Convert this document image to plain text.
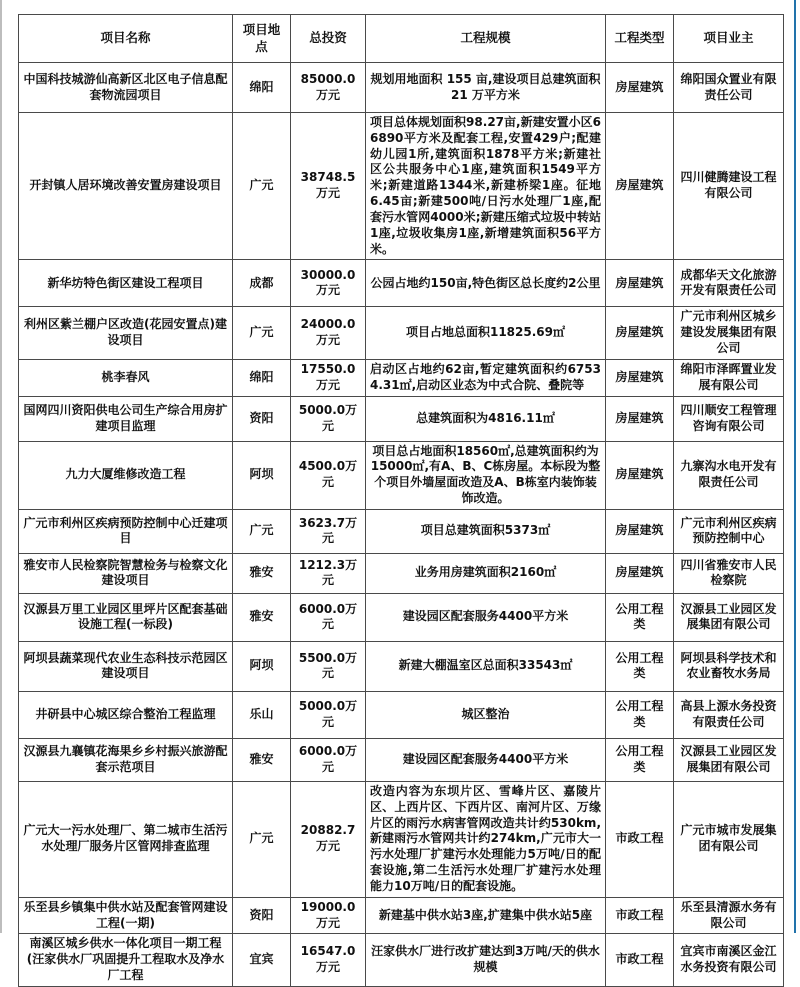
项目名称	项目地点	总投资	工程规模	工程类型	项目业主
中国科技城游仙高新区北区电子信息配套物流园项目	绵阳	85000.0万元	规划用地面积 155 亩,建设项目总建筑面积 21 万平方米	房屋建筑	绵阳国众置业有限责任公司
开封镇人居环境改善安置房建设项目	广元	38748.5万元	项目总体规划面积98.27亩,新建安置小区66890平方米及配套工程,安置429户;配建幼儿园1所,建筑面积1878平方米;新建社区公共服务中心1座,建筑面积1549平方米;新建道路1344米,新建桥梁1座。征地6.45亩;新建500吨/日污水处理厂1座,配套污水管网4000米;新建压缩式垃圾中转站1座,垃圾收集房1座,新增建筑面积56平方米。	房屋建筑	四川健腾建设工程有限公司
新华坊特色街区建设工程项目	成都	30000.0万元	公园占地约150亩,特色街区总长度约2公里	房屋建筑	成都华天文化旅游开发有限责任公司
利州区紫兰棚户区改造(花园安置点)建设项目	广元	24000.0万元	项目占地总面积11825.69㎡	房屋建筑	广元市利州区城乡建设发展集团有限公司
桃李春风	绵阳	17550.0万元	启动区占地约62亩,暂定建筑面积约67534.31㎡,启动区业态为中式合院、叠院等	房屋建筑	绵阳市泽晖置业发展有限公司
国网四川资阳供电公司生产综合用房扩建项目监理	资阳	5000.0万元	总建筑面积为4816.11㎡	房屋建筑	四川顺安工程管理咨询有限公司
九力大厦维修改造工程	阿坝	4500.0万元	项目总占地面积18560㎡,总建筑面积约为15000㎡,有A、B、C栋房屋。本标段为整个项目外墙屋面改造及A、B栋室内装饰装饰改造。	房屋建筑	九寨沟水电开发有限责任公司
广元市利州区疾病预防控制中心迁建项目	广元	3623.7万元	项目总建筑面积5373㎡	房屋建筑	广元市利州区疾病预防控制中心
雅安市人民检察院智慧检务与检察文化建设项目	雅安	1212.3万元	业务用房建筑面积2160㎡	房屋建筑	四川省雅安市人民检察院
汉源县万里工业园区里坪片区配套基础设施工程(一标段)	雅安	6000.0万元	建设园区配套服务4400平方米	公用工程类	汉源县工业园区发展集团有限公司
阿坝县蔬菜现代农业生态科技示范园区建设项目	阿坝	5500.0万元	新建大棚温室区总面积33543㎡	公用工程类	阿坝县科学技术和农业畜牧水务局
井研县中心城区综合整治工程监理	乐山	5000.0万元	城区整治	公用工程类	高县上源水务投资有限责任公司
汉源县九襄镇花海果乡乡村振兴旅游配套示范项目	雅安	6000.0万元	建设园区配套服务4400平方米	公用工程类	汉源县工业园区发展集团有限公司
广元大一污水处理厂、第二城市生活污水处理厂服务片区管网排查监理	广元	20882.7万元	改造内容为东坝片区、雪峰片区、嘉陵片区、上西片区、下西片区、南河片区、万缘片区的雨污水病害管网改造共计约530km,新建雨污水管网共计约274km,广元市大一污水处理厂扩建污水处理能力5万吨/日的配套设施,第二生活污水处理厂扩建污水处理能力10万吨/日的配套设施。	市政工程	广元市城市发展集团有限公司
乐至县乡镇集中供水站及配套管网建设工程(一期)	资阳	19000.0万元	新建基中供水站3座,扩建集中供水站5座	市政工程	乐至县清源水务有限公司
南溪区城乡供水一体化项目一期工程(汪家供水厂巩固提升工程取水及净水厂工程	宜宾	16547.0万元	汪家供水厂进行改扩建达到3万吨/天的供水规模	市政工程	宜宾市南溪区金江水务投资有限公司
